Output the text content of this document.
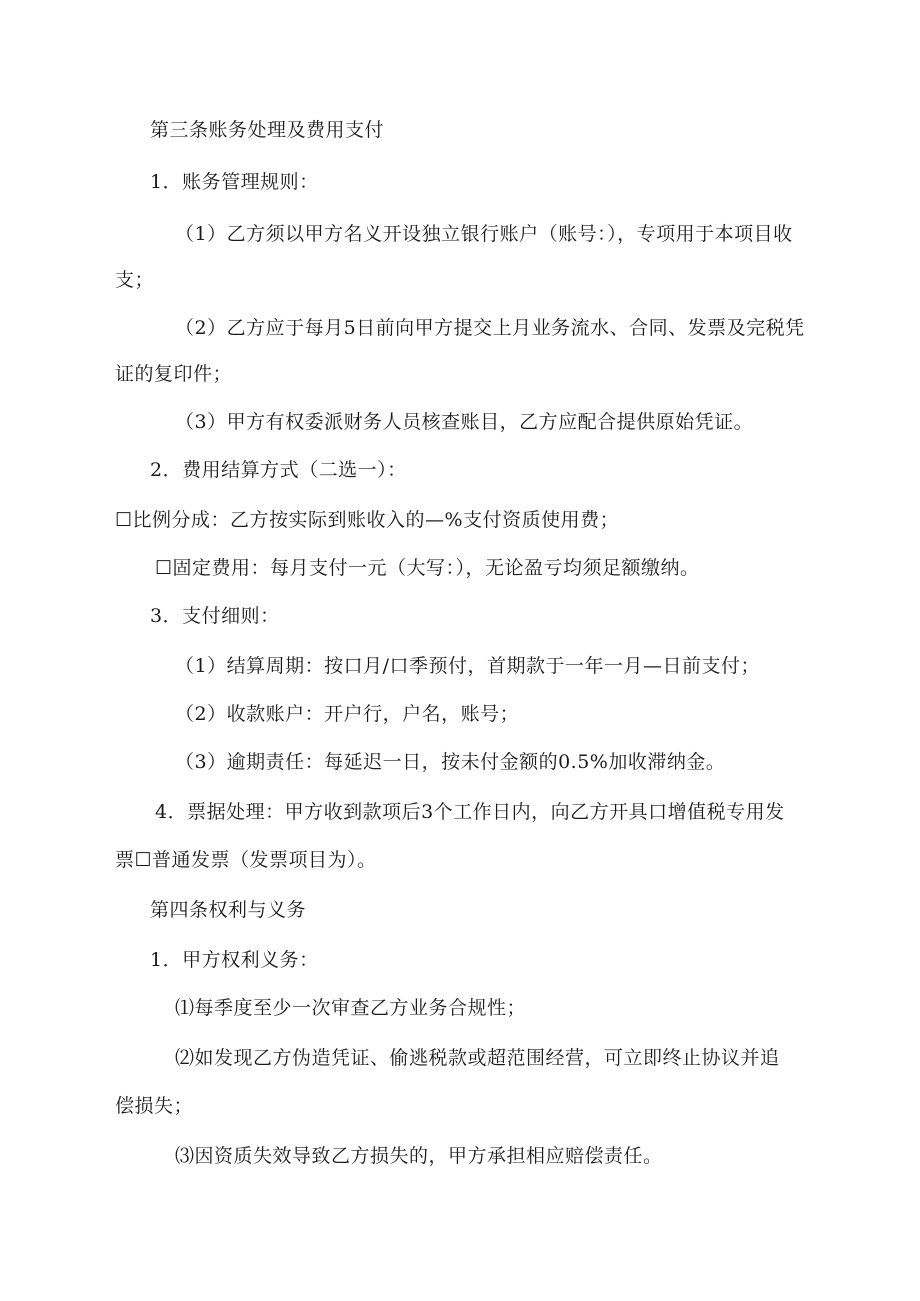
第三条账务处理及费用支付
1．账务管理规则：
（1）乙方须以甲方名义开设独立银行账户（账号：），专项用于本项目收
支；
（2）乙方应于每月5日前向甲方提交上月业务流水、合同、发票及完税凭
证的复印件；
（3）甲方有权委派财务人员核查账目，乙方应配合提供原始凭证。
2．费用结算方式（二选一）：
☐比例分成：乙方按实际到账收入的—%支付资质使用费；
☐固定费用：每月支付一元（大写：），无论盈亏均须足额缴纳。
3．支付细则：
（1）结算周期：按口月/口季预付，首期款于一年一月—日前支付；
（2）收款账户：开户行，户名，账号；
（3）逾期责任：每延迟一日，按未付金额的0.5%加收滞纳金。
4．票据处理：甲方收到款项后3个工作日内，向乙方开具口增值税专用发
票☐普通发票（发票项目为）。
第四条权利与义务
1．甲方权利义务：
⑴每季度至少一次审查乙方业务合规性；
⑵如发现乙方伪造凭证、偷逃税款或超范围经营，可立即终止协议并追
偿损失；
⑶因资质失效导致乙方损失的，甲方承担相应赔偿责任。
